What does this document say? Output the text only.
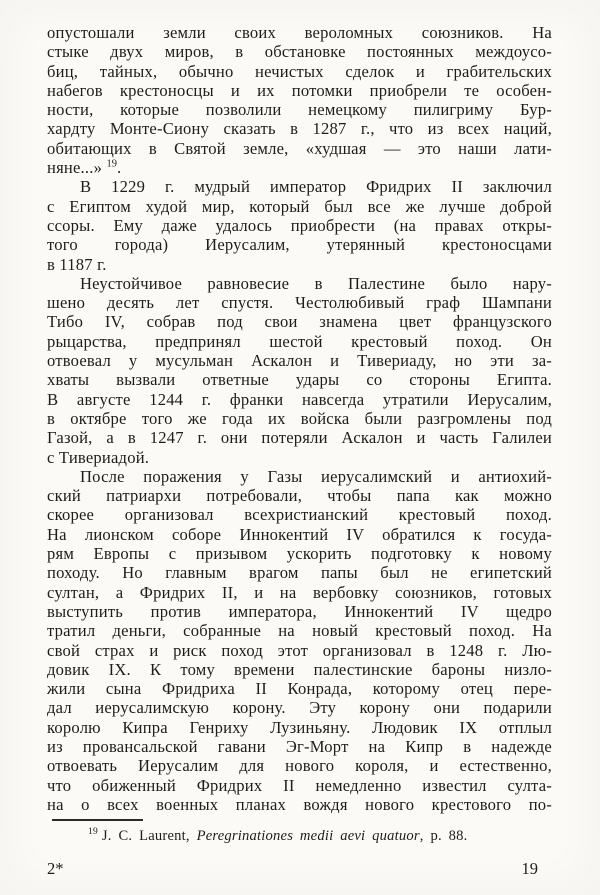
опустошали земли своих вероломных союзников. На
стыке двух миров, в обстановке постоянных междоусо-
биц, тайных, обычно нечистых сделок и грабительских
набегов крестоносцы и их потомки приобрели те особен-
ности, которые позволили немецкому пилигриму Бур-
хардту Монте-Сиону сказать в 1287 г., что из всех наций,
обитающих в Святой земле, «худшая — это наши лати-
няне...» $^{19}$.
В 1229 г. мудрый император Фридрих II заключил
с Египтом худой мир, который был все же лучше доброй
ссоры. Ему даже удалось приобрести (на правах откры-
того города) Иерусалим, утерянный крестоносцами
в 1187 г.
Неустойчивое равновесие в Палестине было нару-
шено десять лет спустя. Честолюбивый граф Шампани
Тибо IV, собрав под свои знамена цвет французского
рыцарства, предпринял шестой крестовый поход. Он
отвоевал у мусульман Аскалон и Тивериаду, но эти за-
хваты вызвали ответные удары со стороны Египта.
В августе 1244 г. франки навсегда утратили Иерусалим,
в октябре того же года их войска были разгромлены под
Газой, а в 1247 г. они потеряли Аскалон и часть Галилеи
с Тивериадой.
После поражения у Газы иерусалимский и антиохий-
ский патриархи потребовали, чтобы папа как можно
скорее организовал всехристианский крестовый поход.
На лионском соборе Иннокентий IV обратился к госуда-
рям Европы с призывом ускорить подготовку к новому
походу. Но главным врагом папы был не египетский
султан, а Фридрих II, и на вербовку союзников, готовых
выступить против императора, Иннокентий IV щедро
тратил деньги, собранные на новый крестовый поход. На
свой страх и риск поход этот организовал в 1248 г. Лю-
довик IX. К тому времени палестинские бароны низло-
жили сына Фридриха II Конрада, которому отец пере-
дал иерусалимскую корону. Эту корону они подарили
королю Кипра Генриху Лузиньяну. Людовик IX отплыл
из провансальской гавани Эг-Морт на Кипр в надежде
отвоевать Иерусалим для нового короля, и естественно,
что обиженный Фридрих II немедленно известил султа-
на о всех военных планах вождя нового крестового по-
$^{19}$ J. C. Laurent, Peregrinationes medii aevi quatuor, p. 88.
2*	19
